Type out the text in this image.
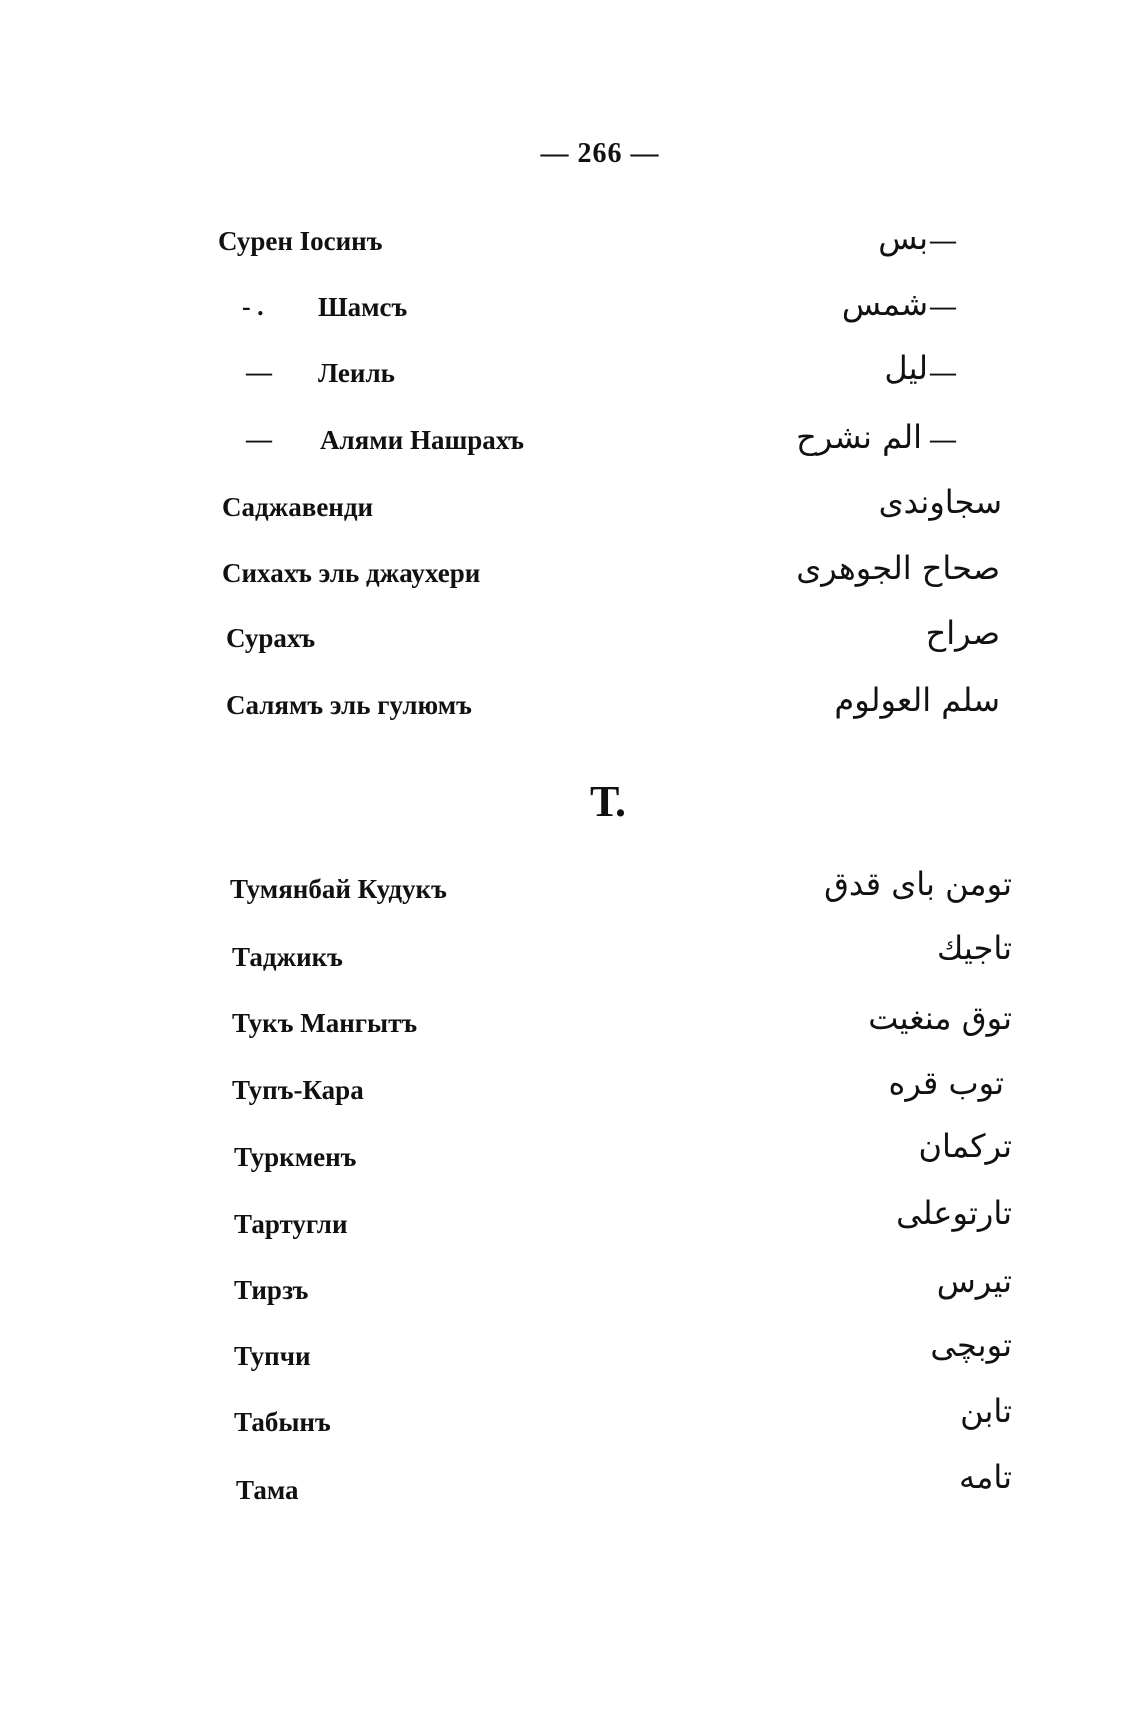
— 266 —
Сурен Іосинъ	بس —
- . Шамсъ	شمس —
— Леиль	ليل —
— Алями Нашрахъ	الم نشرح —
Саджавенди	سجاوندی
Сихахъ эль джаухери	صحاح الجوهری
Сурахъ	صراح
Салямъ эль гулюмъ	سلم العولوم
Т.
Тумянбай Кудукъ	تومن بای قدق
Таджикъ	تاجيك
Тукъ Мангытъ	توق منغیت
Тупъ-Кара	توب قره
Туркменъ	ترکمان
Тартугли	تارتوعلی
Тирзъ	تيرس
Тупчи	توبچی
Табынъ	تابن
Тама	تامه
